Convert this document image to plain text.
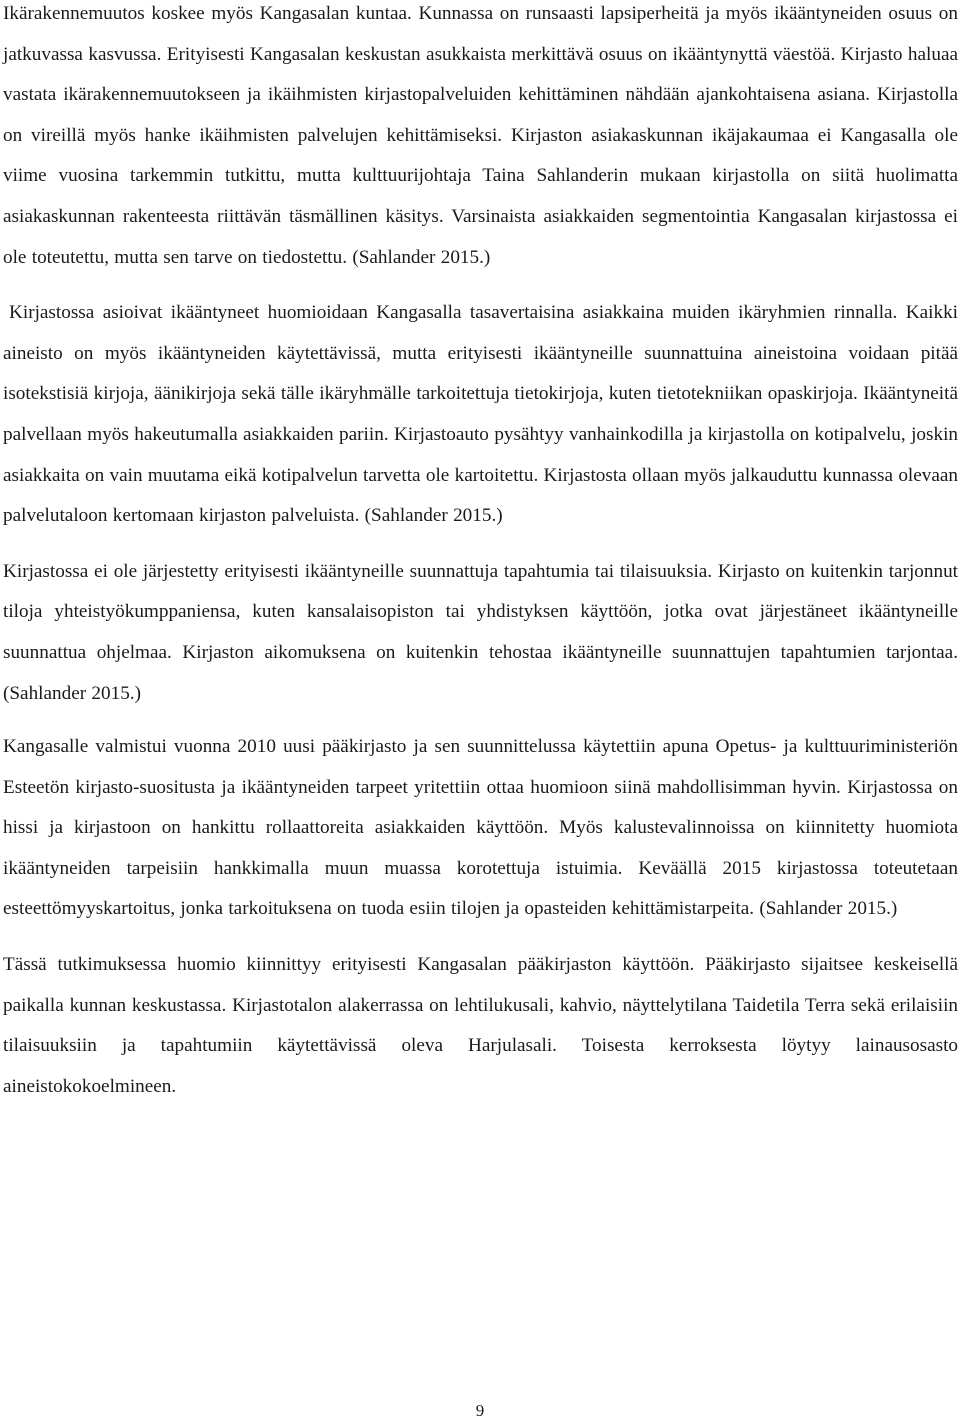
Ikärakennemuutos koskee myös Kangasalan kuntaa. Kunnassa on runsaasti lapsiperheitä ja myös ikääntyneiden osuus on jatkuvassa kasvussa. Erityisesti Kangasalan keskustan asukkaista merkittävä osuus on ikääntynyttä väestöä. Kirjasto haluaa vastata ikärakennemuutokseen ja ikäihmisten kirjastopalveluiden kehittäminen nähdään ajankohtaisena asiana. Kirjastolla on vireillä myös hanke ikäihmisten palvelujen kehittämiseksi. Kirjaston asiakaskunnan ikäjakaumaa ei Kangasalla ole viime vuosina tarkemmin tutkittu, mutta kulttuurijohtaja Taina Sahlanderin mukaan kirjastolla on siitä huolimatta asiakaskunnan rakenteesta riittävän täsmällinen käsitys. Varsinaista asiakkaiden segmentointia Kangasalan kirjastossa ei ole toteutettu, mutta sen tarve on tiedostettu. (Sahlander 2015.)

Kirjastossa asioivat ikääntyneet huomioidaan Kangasalla tasavertaisina asiakkaina muiden ikäryhmien rinnalla. Kaikki aineisto on myös ikääntyneiden käytettävissä, mutta erityisesti ikääntyneille suunnattuina aineistoina voidaan pitää isotekstisiä kirjoja, äänikirjoja sekä tälle ikäryhmälle tarkoitettuja tietokirjoja, kuten tietotekniikan opaskirjoja. Ikääntyneitä palvellaan myös hakeutumalla asiakkaiden pariin. Kirjastoauto pysähtyy vanhainkodilla ja kirjastolla on kotipalvelu, joskin asiakkaita on vain muutama eikä kotipalvelun tarvetta ole kartoitettu. Kirjastosta ollaan myös jalkauduttu kunnassa olevaan palvelutaloon kertomaan kirjaston palveluista. (Sahlander 2015.)

Kirjastossa ei ole järjestetty erityisesti ikääntyneille suunnattuja tapahtumia tai tilaisuuksia. Kirjasto on kuitenkin tarjonnut tiloja yhteistyökumppaniensa, kuten kansalaisopiston tai yhdistyksen käyttöön, jotka ovat järjestäneet ikääntyneille suunnattua ohjelmaa. Kirjaston aikomuksena on kuitenkin tehostaa ikääntyneille suunnattujen tapahtumien tarjontaa. (Sahlander 2015.)

Kangasalle valmistui vuonna 2010 uusi pääkirjasto ja sen suunnittelussa käytettiin apuna Opetus- ja kulttuuriministeriön Esteetön kirjasto-suositusta ja ikääntyneiden tarpeet yritettiin ottaa huomioon siinä mahdollisimman hyvin. Kirjastossa on hissi ja kirjastoon on hankittu rollaattoreita asiakkaiden käyttöön. Myös kalustevalinnoissa on kiinnitetty huomiota ikääntyneiden tarpeisiin hankkimalla muun muassa korotettuja istuimia. Keväällä 2015 kirjastossa toteutetaan esteettömyyskartoitus, jonka tarkoituksena on tuoda esiin tilojen ja opasteiden kehittämistarpeita. (Sahlander 2015.)

Tässä tutkimuksessa huomio kiinnittyy erityisesti Kangasalan pääkirjaston käyttöön. Pääkirjasto sijaitsee keskeisellä paikalla kunnan keskustassa. Kirjastotalon alakerrassa on lehtilukusali, kahvio, näyttelytilana Taidetila Terra sekä erilaisiin tilaisuuksiin ja tapahtumiin käytettävissä oleva Harjulasali. Toisesta kerroksesta löytyy lainausosasto aineistokokoelmineen.

9
